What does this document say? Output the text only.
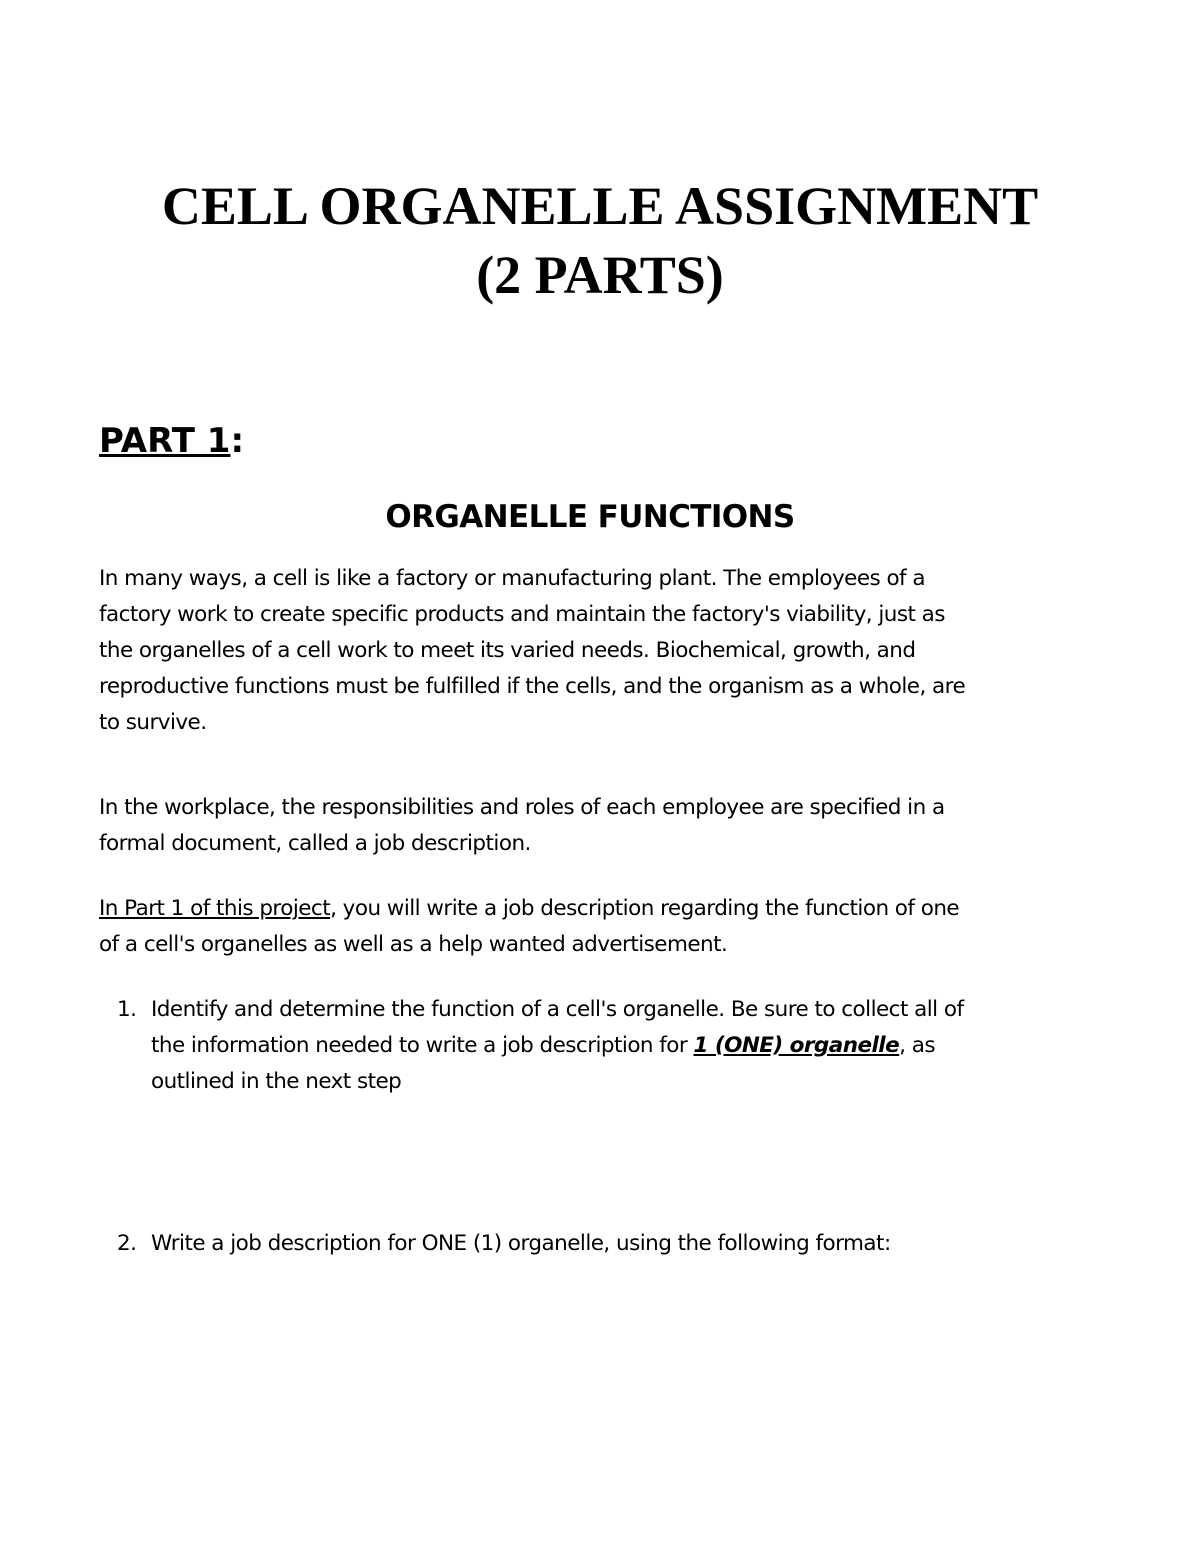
CELL ORGANELLE ASSIGNMENT
(2 PARTS)
PART 1:
ORGANELLE FUNCTIONS

In many ways, a cell is like a factory or manufacturing plant. The employees of a
factory work to create specific products and maintain the factory's viability, just as
the organelles of a cell work to meet its varied needs. Biochemical, growth, and
reproductive functions must be fulfilled if the cells, and the organism as a whole, are
to survive.

In the workplace, the responsibilities and roles of each employee are specified in a
formal document, called a job description.

In Part 1 of this project, you will write a job description regarding the function of one
of a cell's organelles as well as a help wanted advertisement.

1. Identify and determine the function of a cell's organelle. Be sure to collect all of
the information needed to write a job description for 1 (ONE) organelle, as
outlined in the next step
2. Write a job description for ONE (1) organelle, using the following format:
